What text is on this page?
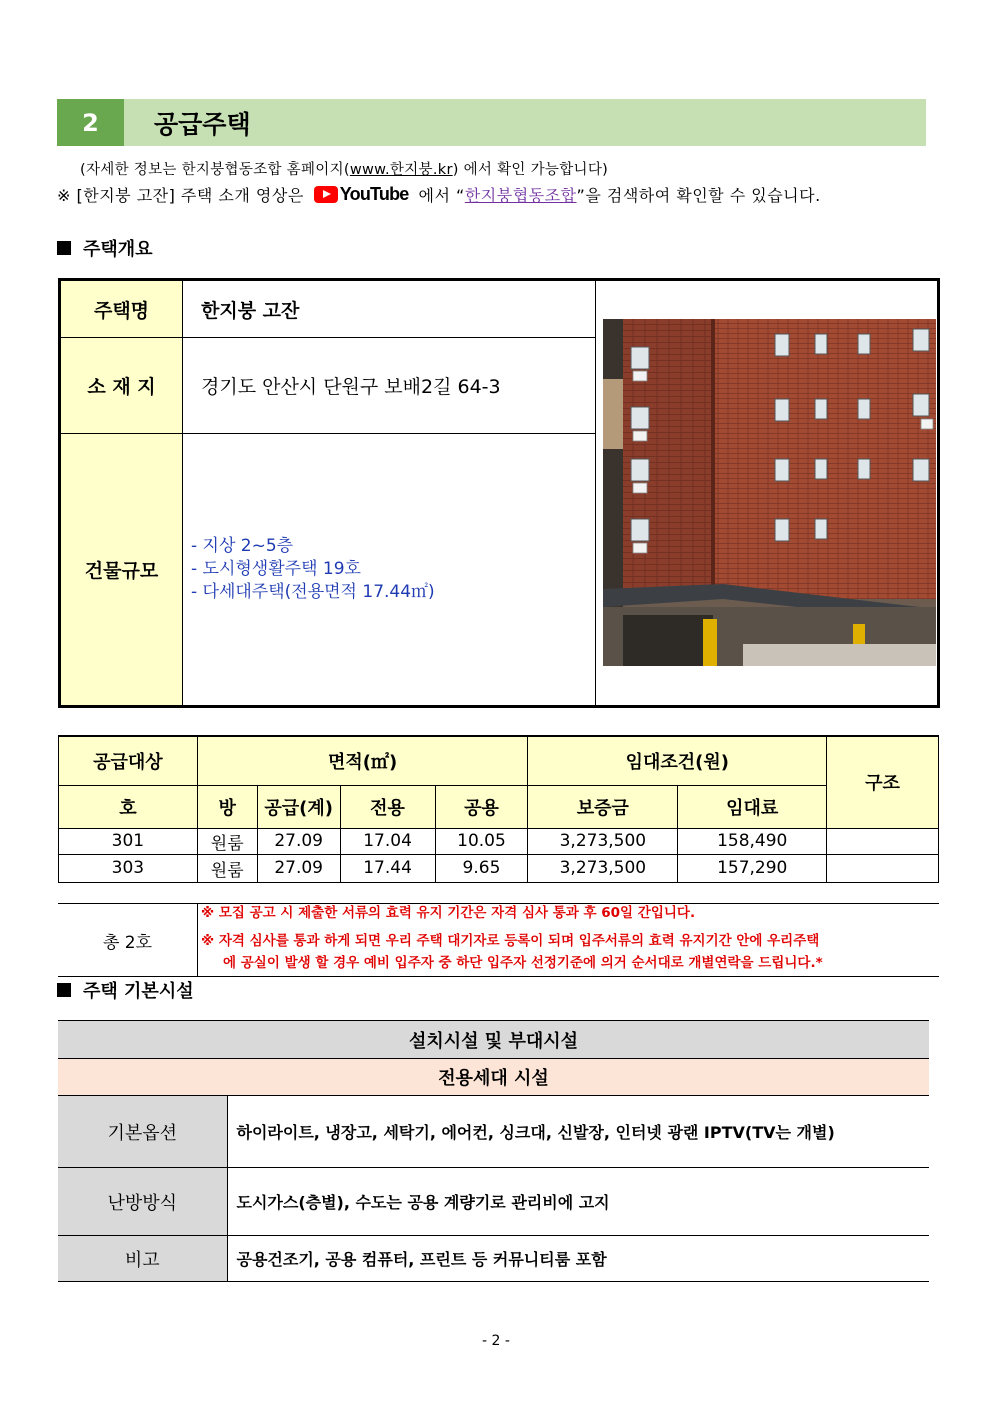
2	공급주택
(자세한 정보는 한지붕협동조합 홈페이지(www.한지붕.kr) 에서 확인 가능합니다)
※ [한지붕 고잔] 주택 소개 영상은 YouTube 에서 “ 한지붕협동조합 ”을 검색하여 확인할 수 있습니다.
주택개요
주택명	한지붕 고잔
소 재 지	경기도 안산시 단원구 보배2길 64-3
건물규모
- 지상 2~5층
- 도시형생활주택 19호
- 다세대주택(전용면적 17.44㎡)
공급대상	면적(㎡)				임대조건(원)		구조
호	방	공급(계)	전용	공용	보증금	임대료	
301	원룸	27.09	17.04	10.05	3,273,500	158,490	
303	원룸	27.09	17.44	9.65	3,273,500	157,290	
총 2호
※ 모집 공고 시 제출한 서류의 효력 유지 기간은 자격 심사 통과 후 60일 간입니다.
※ 자격 심사를 통과 하게 되면 우리 주택 대기자로 등록이 되며 입주서류의 효력 유지기간 안에 우리주택
에 공실이 발생 할 경우 예비 입주자 중 하단 입주자 선정기준에 의거 순서대로 개별연락을 드립니다.*
주택 기본시설
설치시설 및 부대시설	
전용세대 시설	
기본옵션	하이라이트, 냉장고, 세탁기, 에어컨, 싱크대, 신발장, 인터넷 광랜 IPTV(TV는 개별)
난방방식	도시가스(층별), 수도는 공용 계량기로 관리비에 고지
비고	공용건조기, 공용 컴퓨터, 프린트 등 커뮤니티룸 포함
- 2 -
